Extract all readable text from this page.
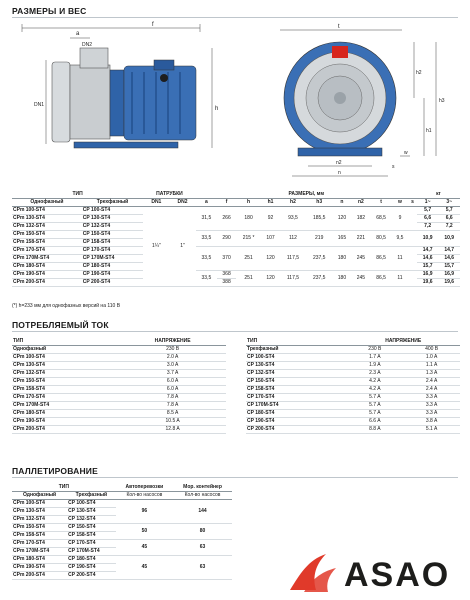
РАЗМЕРЫ И ВЕС
f
a
DN2
DN1
h
t
h2
h1
h3
n2
n
w
s
ТИП		ПАТРУБКИ		РАЗМЕРЫ, мм											кг	
Однофазный	Трехфазный	DN1	DN2	a	f	h	h1	h2	h3	n	n2	t	w	s	1~	3~
CPm 100-ST4	CP 100-ST4	1¼"	1"	31,5	266	180	92	93,5	185,5	120	182	68,5	9		5,7	5,7
CPm 130-ST4	CP 130-ST4														6,6	6,6
CPm 132-ST4	CP 132-ST4														7,2	7,2
CPm 150-ST4	CP 150-ST4			33,5	290	215 *	107	112	219	165	221	80,5	9,5		10,9	10,9
CPm 158-ST4	CP 158-ST4															
CPm 170-ST4	CP 170-ST4			33,5	370	251	120	117,5	237,5	180	245	86,5	11		14,7	14,7
CPm 170M-ST4	CP 170M-ST4														14,6	14,6
CPm 180-ST4	CP 180-ST4														15,7	15,7
CPm 190-ST4	CP 190-ST4			33,5	368	251	120	117,5	237,5	180	245	86,5	11		16,9	16,9
CPm 200-ST4	CP 200-ST4				388										19,6	19,6
(*) h=233 мм для однофазных версий на 110 В
ПОТРЕБЛЯЕМЫЙ ТОК
ТИП	НАПРЯЖЕНИЕ
Однофазный	230 В
CPm 100-ST4	2.0 A
CPm 130-ST4	3.0 A
CPm 132-ST4	3.7 A
CPm 150-ST4	6.0 A
CPm 158-ST4	6.0 A
CPm 170-ST4	7.8 A
CPm 170M-ST4	7.8 A
CPm 180-ST4	8.5 A
CPm 190-ST4	10.5 A
CPm 200-ST4	12.8 A
ТИП	НАПРЯЖЕНИЕ	
Трехфазный	230 В	400 В
CP 100-ST4	1.7 A	1.0 A
CP 130-ST4	1.9 A	1.1 A
CP 132-ST4	2.3 A	1.3 A
CP 150-ST4	4.2 A	2.4 A
CP 158-ST4	4.2 A	2.4 A
CP 170-ST4	5.7 A	3.3 A
CP 170M-ST4	5.7 A	3.3 A
CP 180-ST4	5.7 A	3.3 A
CP 190-ST4	6.6 A	3.8 A
CP 200-ST4	8.8 A	5.1 A
ПАЛЛЕТИРОВАНИЕ
ТИП		Автоперевозки	Мор. контейнер
Однофазный	Трехфазный	Кол-во насосов	Кол-во насосов
CPm 100-ST4	CP 100-ST4	96	144
CPm 130-ST4	CP 130-ST4		
CPm 132-ST4	CP 132-ST4		
CPm 150-ST4	CP 150-ST4	50	80
CPm 158-ST4	CP 158-ST4		
CPm 170-ST4	CP 170-ST4	45	63
CPm 170M-ST4	CP 170M-ST4		
CPm 180-ST4	CP 180-ST4	45	63
CPm 190-ST4	CP 190-ST4		
CPm 200-ST4	CP 200-ST4			ASAO
